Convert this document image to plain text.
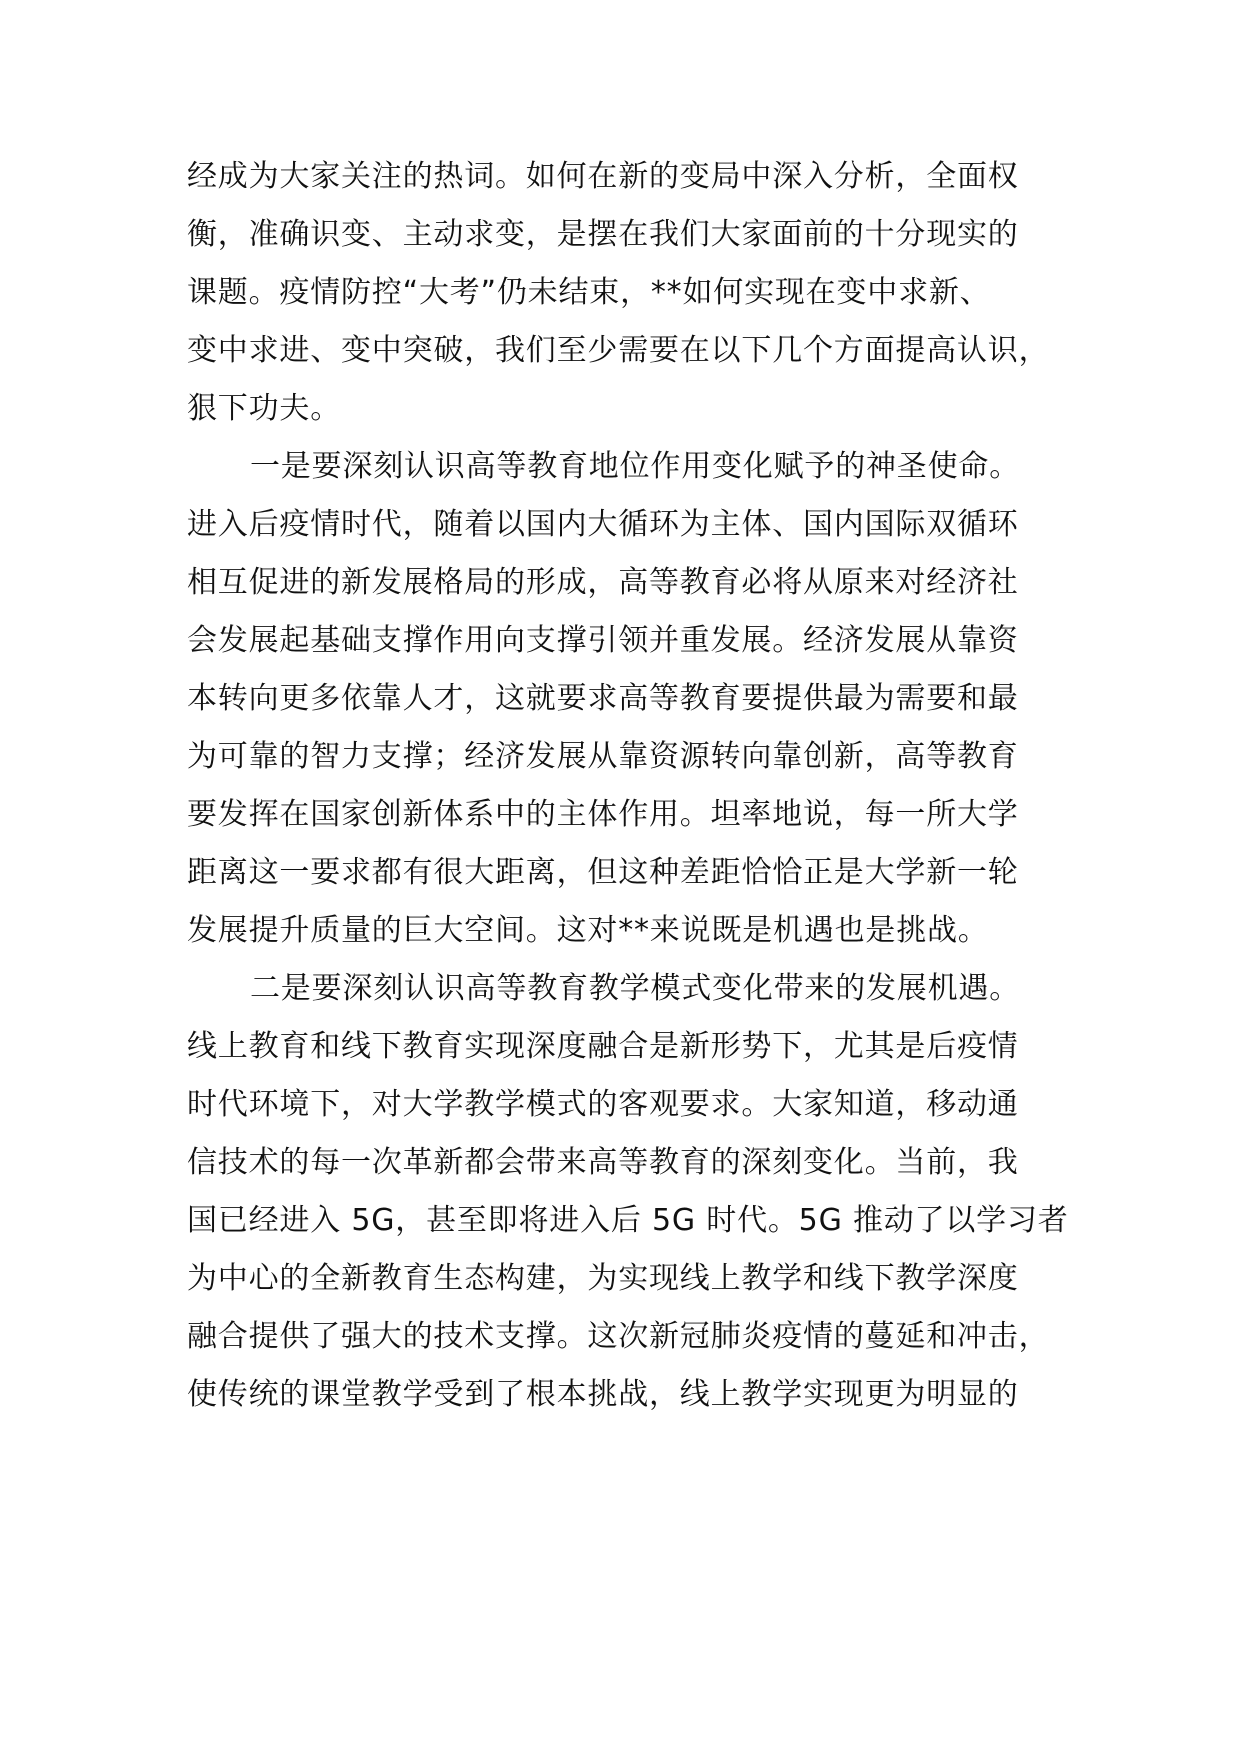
经成为大家关注的热词。如何在新的变局中深入分析，全面权

衡，准确识变、主动求变，是摆在我们大家面前的十分现实的

课题。疫情防控“大考”仍未结束，**如何实现在变中求新、

变中求进、变中突破，我们至少需要在以下几个方面提高认识，

狠下功夫。

一是要深刻认识高等教育地位作用变化赋予的神圣使命。

进入后疫情时代，随着以国内大循环为主体、国内国际双循环

相互促进的新发展格局的形成，高等教育必将从原来对经济社

会发展起基础支撑作用向支撑引领并重发展。经济发展从靠资

本转向更多依靠人才，这就要求高等教育要提供最为需要和最

为可靠的智力支撑；经济发展从靠资源转向靠创新，高等教育

要发挥在国家创新体系中的主体作用。坦率地说，每一所大学

距离这一要求都有很大距离，但这种差距恰恰正是大学新一轮

发展提升质量的巨大空间。这对**来说既是机遇也是挑战。

二是要深刻认识高等教育教学模式变化带来的发展机遇。

线上教育和线下教育实现深度融合是新形势下，尤其是后疫情

时代环境下，对大学教学模式的客观要求。大家知道，移动通

信技术的每一次革新都会带来高等教育的深刻变化。当前，我

国已经进入 5G，甚至即将进入后 5G 时代。5G 推动了以学习者

为中心的全新教育生态构建，为实现线上教学和线下教学深度

融合提供了强大的技术支撑。这次新冠肺炎疫情的蔓延和冲击，

使传统的课堂教学受到了根本挑战，线上教学实现更为明显的
